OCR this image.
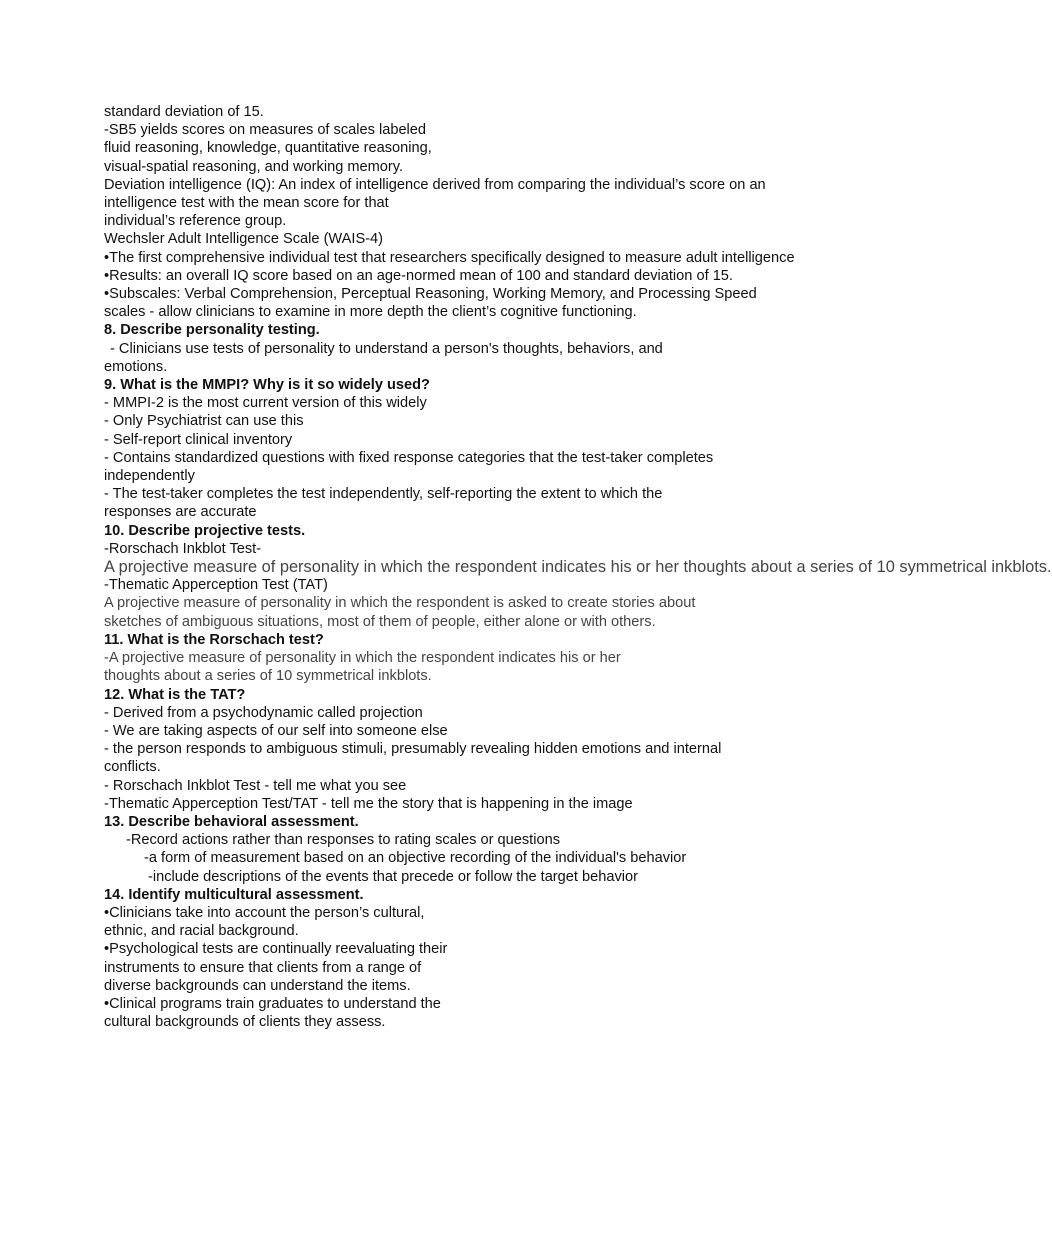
standard deviation of 15.
-SB5 yields scores on measures of scales labeled
fluid reasoning, knowledge, quantitative reasoning,
visual-spatial reasoning, and working memory.
Deviation intelligence (IQ): An index of intelligence derived from comparing the individual’s score on an
intelligence test with the mean score for that
individual’s reference group.
Wechsler Adult Intelligence Scale (WAIS-4)
•The first comprehensive individual test that researchers specifically designed to measure adult intelligence
•Results: an overall IQ score based on an age-normed mean of 100 and standard deviation of 15.
•Subscales: Verbal Comprehension, Perceptual Reasoning, Working Memory, and Processing Speed
scales - allow clinicians to examine in more depth the client’s cognitive functioning.
8. Describe personality testing.
- Clinicians use tests of personality to understand a person's thoughts, behaviors, and
emotions.
9. What is the MMPI? Why is it so widely used?
- MMPI-2 is the most current version of this widely
- Only Psychiatrist can use this
- Self-report clinical inventory
- Contains standardized questions with fixed response categories that the test-taker completes
independently
- The test-taker completes the test independently, self-reporting the extent to which the
responses are accurate
10. Describe projective tests.
-Rorschach Inkblot Test-
A projective measure of personality in which the respondent indicates his or her thoughts about a series of 10 symmetrical inkblots.
-Thematic Apperception Test (TAT)
A projective measure of personality in which the respondent is asked to create stories about
sketches of ambiguous situations, most of them of people, either alone or with others.
11. What is the Rorschach test?
-A projective measure of personality in which the respondent indicates his or her
thoughts about a series of 10 symmetrical inkblots.
12. What is the TAT?
- Derived from a psychodynamic called projection
- We are taking aspects of our self into someone else
- the person responds to ambiguous stimuli, presumably revealing hidden emotions and internal
conflicts.
- Rorschach Inkblot Test - tell me what you see
-Thematic Apperception Test/TAT - tell me the story that is happening in the image
13. Describe behavioral assessment.
-Record actions rather than responses to rating scales or questions
-a form of measurement based on an objective recording of the individual's behavior
-include descriptions of the events that precede or follow the target behavior
14. Identify multicultural assessment.
•Clinicians take into account the person’s cultural,
ethnic, and racial background.
•Psychological tests are continually reevaluating their
instruments to ensure that clients from a range of
diverse backgrounds can understand the items.
•Clinical programs train graduates to understand the
cultural backgrounds of clients they assess.
